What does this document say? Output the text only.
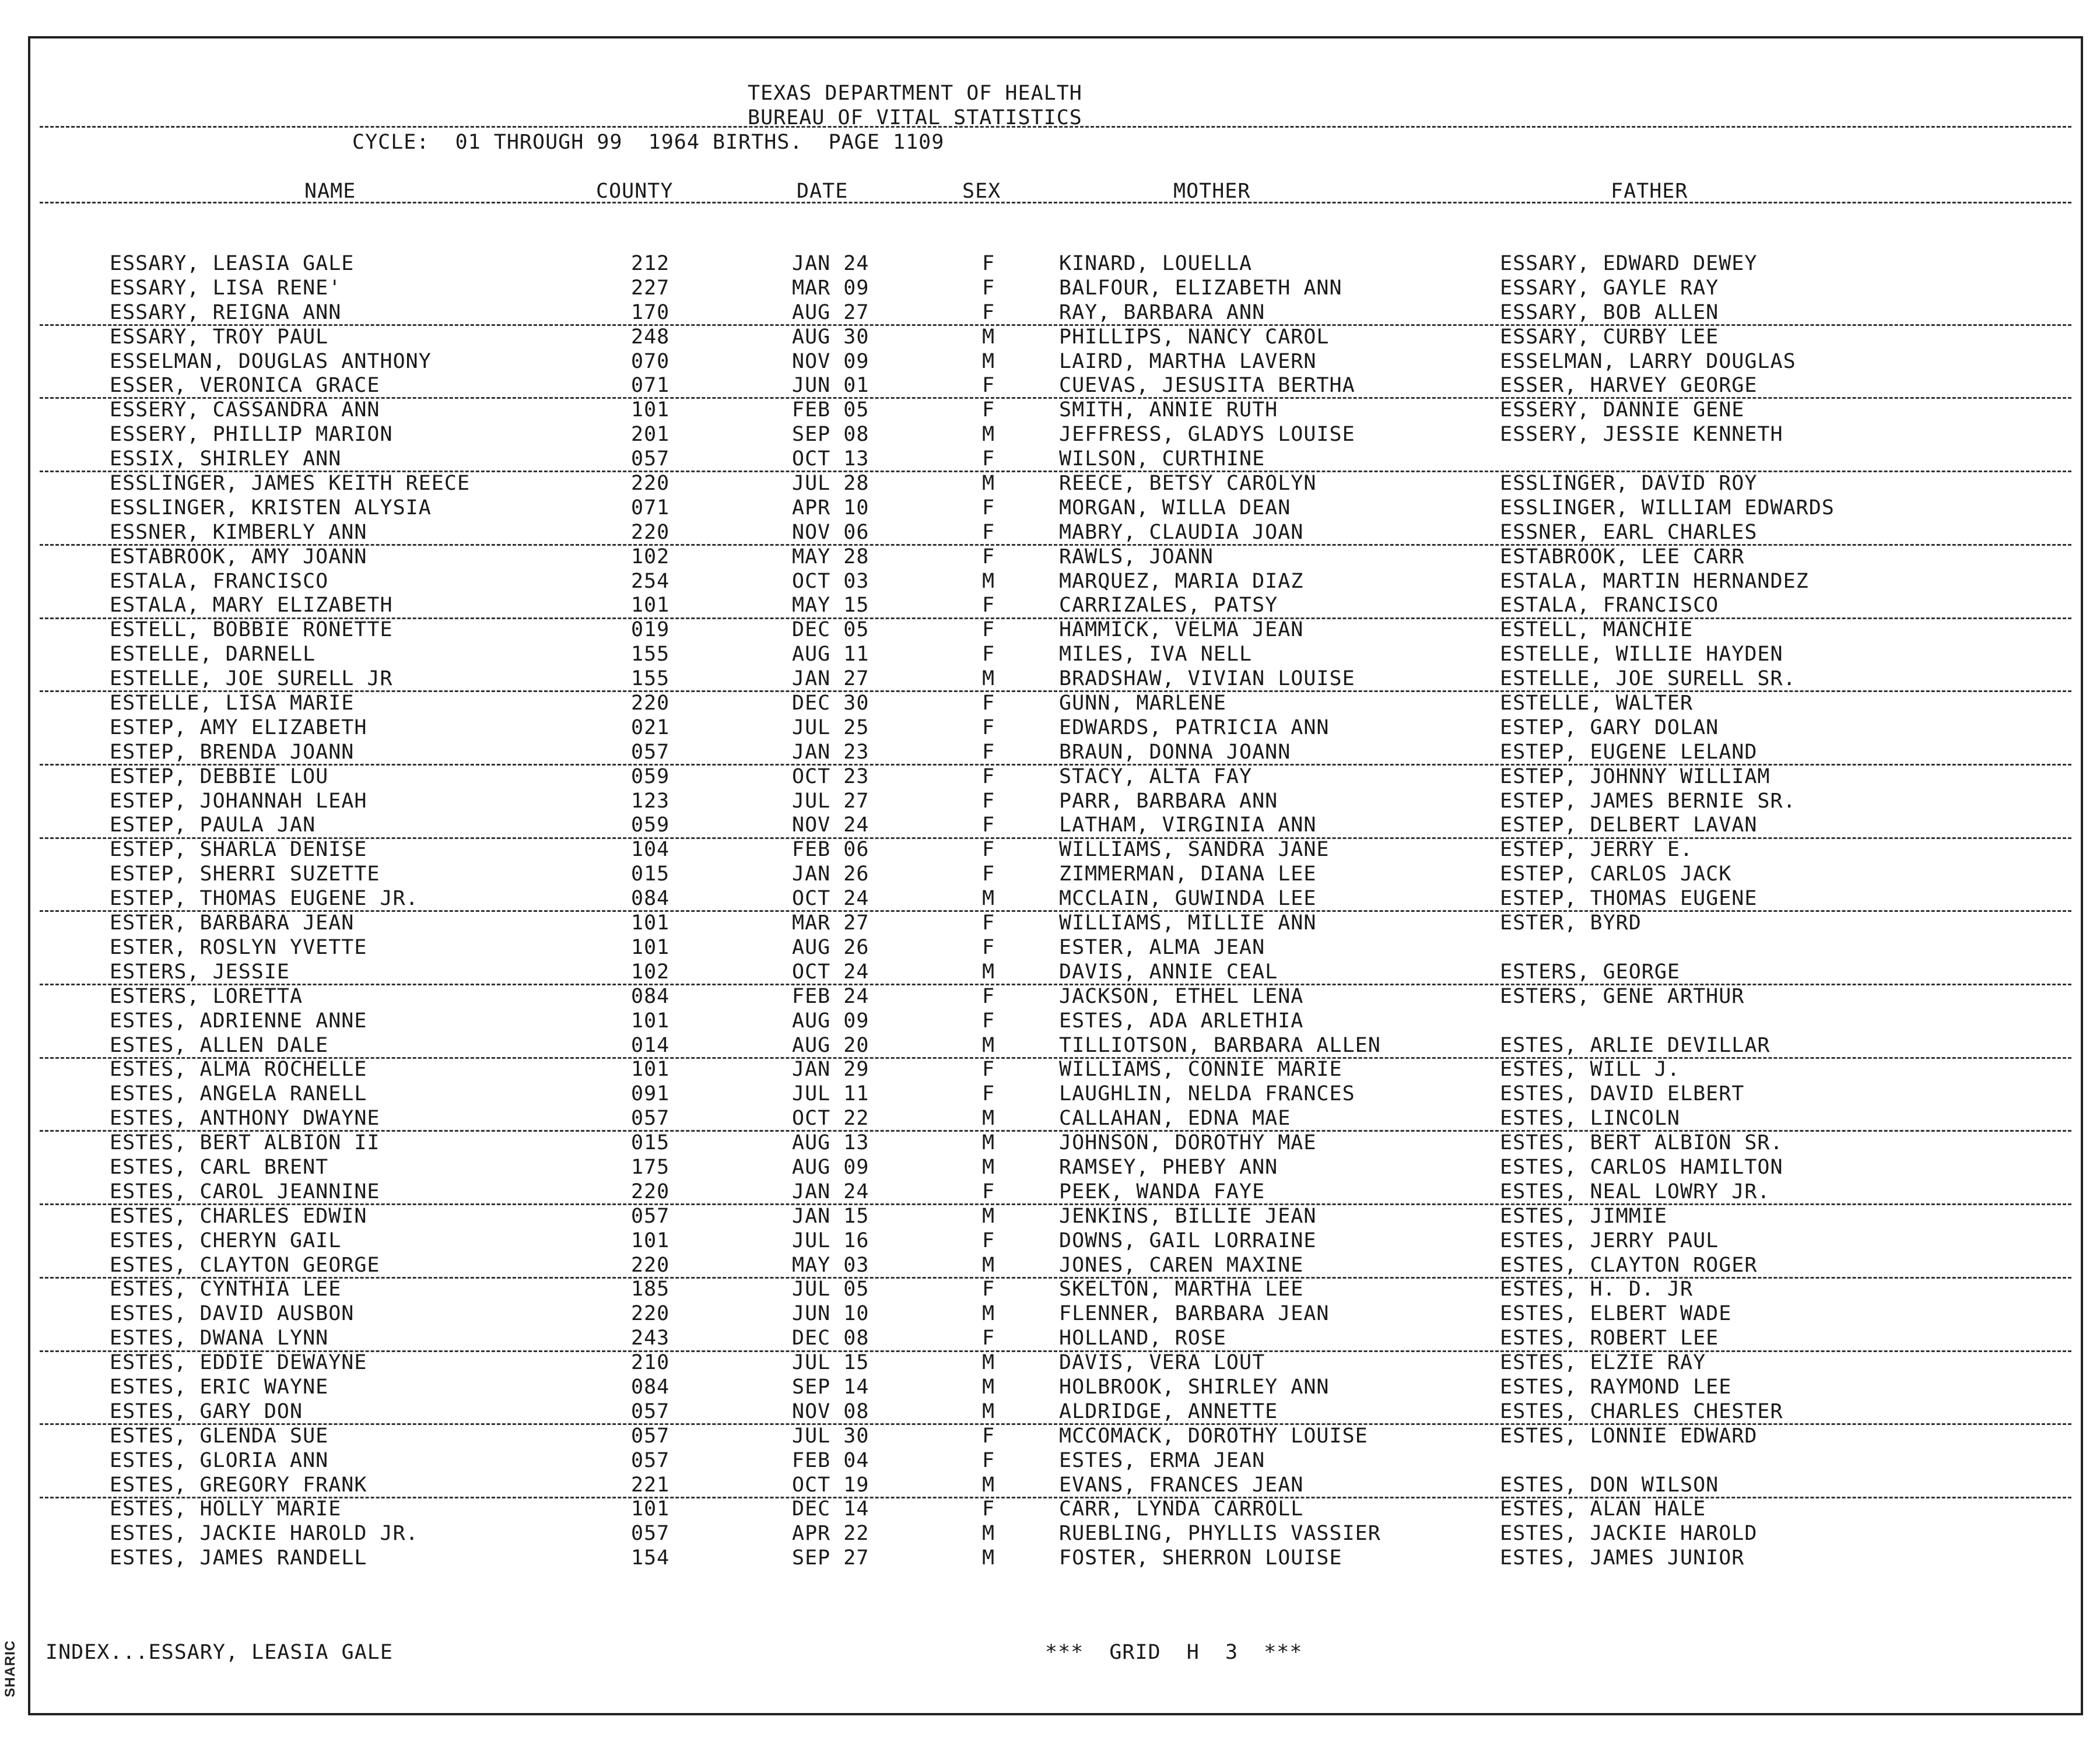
SHARIC
TEXAS DEPARTMENT OF HEALTH
BUREAU OF VITAL STATISTICS
CYCLE:  01 THROUGH 99  1964 BIRTHS.  PAGE 1109
NAME	COUNTY	DATE	SEX	MOTHER	FATHER
ESSARY, LEASIA GALE	212	JAN 24	F	KINARD, LOUELLA	ESSARY, EDWARD DEWEY
ESSARY, LISA RENE'	227	MAR 09	F	BALFOUR, ELIZABETH ANN	ESSARY, GAYLE RAY
ESSARY, REIGNA ANN	170	AUG 27	F	RAY, BARBARA ANN	ESSARY, BOB ALLEN
ESSARY, TROY PAUL	248	AUG 30	M	PHILLIPS, NANCY CAROL	ESSARY, CURBY LEE
ESSELMAN, DOUGLAS ANTHONY	070	NOV 09	M	LAIRD, MARTHA LAVERN	ESSELMAN, LARRY DOUGLAS
ESSER, VERONICA GRACE	071	JUN 01	F	CUEVAS, JESUSITA BERTHA	ESSER, HARVEY GEORGE
ESSERY, CASSANDRA ANN	101	FEB 05	F	SMITH, ANNIE RUTH	ESSERY, DANNIE GENE
ESSERY, PHILLIP MARION	201	SEP 08	M	JEFFRESS, GLADYS LOUISE	ESSERY, JESSIE KENNETH
ESSIX, SHIRLEY ANN	057	OCT 13	F	WILSON, CURTHINE
ESSLINGER, JAMES KEITH REECE	220	JUL 28	M	REECE, BETSY CAROLYN	ESSLINGER, DAVID ROY
ESSLINGER, KRISTEN ALYSIA	071	APR 10	F	MORGAN, WILLA DEAN	ESSLINGER, WILLIAM EDWARDS
ESSNER, KIMBERLY ANN	220	NOV 06	F	MABRY, CLAUDIA JOAN	ESSNER, EARL CHARLES
ESTABROOK, AMY JOANN	102	MAY 28	F	RAWLS, JOANN	ESTABROOK, LEE CARR
ESTALA, FRANCISCO	254	OCT 03	M	MARQUEZ, MARIA DIAZ	ESTALA, MARTIN HERNANDEZ
ESTALA, MARY ELIZABETH	101	MAY 15	F	CARRIZALES, PATSY	ESTALA, FRANCISCO
ESTELL, BOBBIE RONETTE	019	DEC 05	F	HAMMICK, VELMA JEAN	ESTELL, MANCHIE
ESTELLE, DARNELL	155	AUG 11	F	MILES, IVA NELL	ESTELLE, WILLIE HAYDEN
ESTELLE, JOE SURELL JR	155	JAN 27	M	BRADSHAW, VIVIAN LOUISE	ESTELLE, JOE SURELL SR.
ESTELLE, LISA MARIE	220	DEC 30	F	GUNN, MARLENE	ESTELLE, WALTER
ESTEP, AMY ELIZABETH	021	JUL 25	F	EDWARDS, PATRICIA ANN	ESTEP, GARY DOLAN
ESTEP, BRENDA JOANN	057	JAN 23	F	BRAUN, DONNA JOANN	ESTEP, EUGENE LELAND
ESTEP, DEBBIE LOU	059	OCT 23	F	STACY, ALTA FAY	ESTEP, JOHNNY WILLIAM
ESTEP, JOHANNAH LEAH	123	JUL 27	F	PARR, BARBARA ANN	ESTEP, JAMES BERNIE SR.
ESTEP, PAULA JAN	059	NOV 24	F	LATHAM, VIRGINIA ANN	ESTEP, DELBERT LAVAN
ESTEP, SHARLA DENISE	104	FEB 06	F	WILLIAMS, SANDRA JANE	ESTEP, JERRY E.
ESTEP, SHERRI SUZETTE	015	JAN 26	F	ZIMMERMAN, DIANA LEE	ESTEP, CARLOS JACK
ESTEP, THOMAS EUGENE JR.	084	OCT 24	M	MCCLAIN, GUWINDA LEE	ESTEP, THOMAS EUGENE
ESTER, BARBARA JEAN	101	MAR 27	F	WILLIAMS, MILLIE ANN	ESTER, BYRD
ESTER, ROSLYN YVETTE	101	AUG 26	F	ESTER, ALMA JEAN
ESTERS, JESSIE	102	OCT 24	M	DAVIS, ANNIE CEAL	ESTERS, GEORGE
ESTERS, LORETTA	084	FEB 24	F	JACKSON, ETHEL LENA	ESTERS, GENE ARTHUR
ESTES, ADRIENNE ANNE	101	AUG 09	F	ESTES, ADA ARLETHIA
ESTES, ALLEN DALE	014	AUG 20	M	TILLIOTSON, BARBARA ALLEN	ESTES, ARLIE DEVILLAR
ESTES, ALMA ROCHELLE	101	JAN 29	F	WILLIAMS, CONNIE MARIE	ESTES, WILL J.
ESTES, ANGELA RANELL	091	JUL 11	F	LAUGHLIN, NELDA FRANCES	ESTES, DAVID ELBERT
ESTES, ANTHONY DWAYNE	057	OCT 22	M	CALLAHAN, EDNA MAE	ESTES, LINCOLN
ESTES, BERT ALBION II	015	AUG 13	M	JOHNSON, DOROTHY MAE	ESTES, BERT ALBION SR.
ESTES, CARL BRENT	175	AUG 09	M	RAMSEY, PHEBY ANN	ESTES, CARLOS HAMILTON
ESTES, CAROL JEANNINE	220	JAN 24	F	PEEK, WANDA FAYE	ESTES, NEAL LOWRY JR.
ESTES, CHARLES EDWIN	057	JAN 15	M	JENKINS, BILLIE JEAN	ESTES, JIMMIE
ESTES, CHERYN GAIL	101	JUL 16	F	DOWNS, GAIL LORRAINE	ESTES, JERRY PAUL
ESTES, CLAYTON GEORGE	220	MAY 03	M	JONES, CAREN MAXINE	ESTES, CLAYTON ROGER
ESTES, CYNTHIA LEE	185	JUL 05	F	SKELTON, MARTHA LEE	ESTES, H. D. JR
ESTES, DAVID AUSBON	220	JUN 10	M	FLENNER, BARBARA JEAN	ESTES, ELBERT WADE
ESTES, DWANA LYNN	243	DEC 08	F	HOLLAND, ROSE	ESTES, ROBERT LEE
ESTES, EDDIE DEWAYNE	210	JUL 15	M	DAVIS, VERA LOUT	ESTES, ELZIE RAY
ESTES, ERIC WAYNE	084	SEP 14	M	HOLBROOK, SHIRLEY ANN	ESTES, RAYMOND LEE
ESTES, GARY DON	057	NOV 08	M	ALDRIDGE, ANNETTE	ESTES, CHARLES CHESTER
ESTES, GLENDA SUE	057	JUL 30	F	MCCOMACK, DOROTHY LOUISE	ESTES, LONNIE EDWARD
ESTES, GLORIA ANN	057	FEB 04	F	ESTES, ERMA JEAN
ESTES, GREGORY FRANK	221	OCT 19	M	EVANS, FRANCES JEAN	ESTES, DON WILSON
ESTES, HOLLY MARIE	101	DEC 14	F	CARR, LYNDA CARROLL	ESTES, ALAN HALE
ESTES, JACKIE HAROLD JR.	057	APR 22	M	RUEBLING, PHYLLIS VASSIER	ESTES, JACKIE HAROLD
ESTES, JAMES RANDELL	154	SEP 27	M	FOSTER, SHERRON LOUISE	ESTES, JAMES JUNIOR
INDEX...ESSARY, LEASIA GALE	***  GRID  H  3  ***
